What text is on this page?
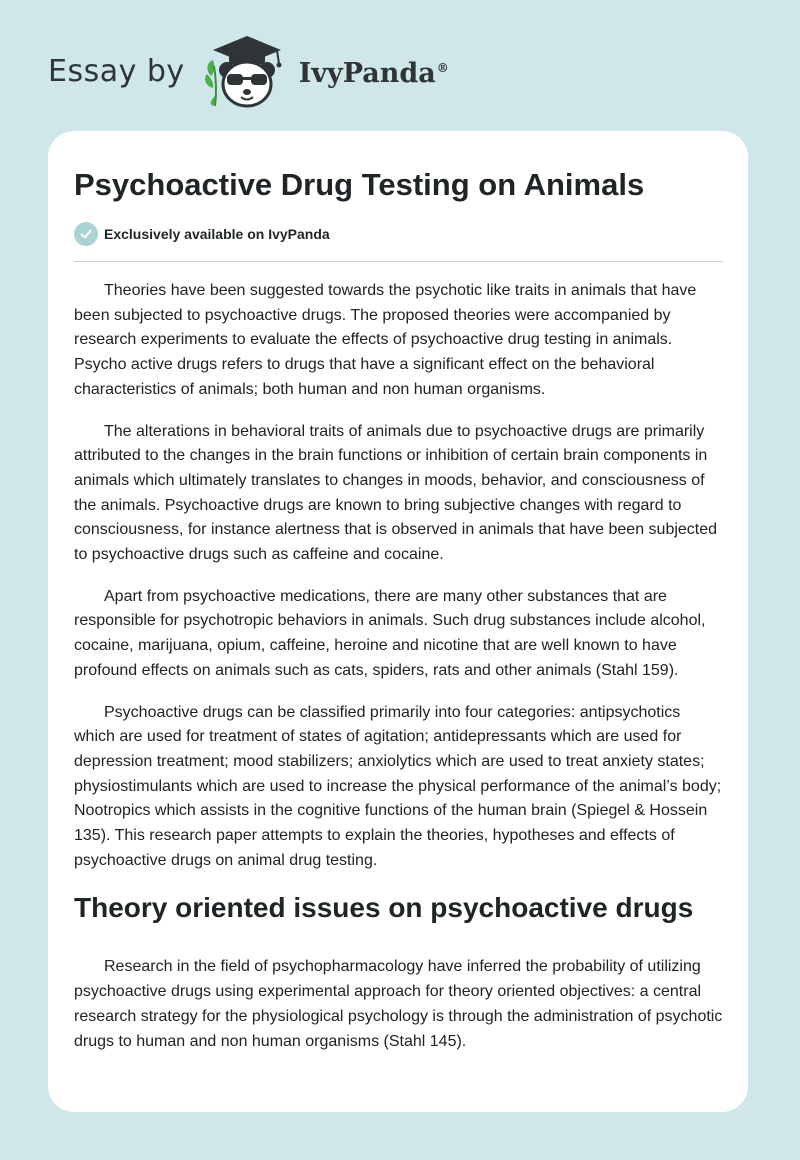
Essay by	IvyPanda®
Psychoactive Drug Testing on Animals
Exclusively available on IvyPanda

Theories have been suggested towards the psychotic like traits in animals that have been subjected to psychoactive drugs. The proposed theories were accompanied by research experiments to evaluate the effects of psychoactive drug testing in animals. Psycho active drugs refers to drugs that have a significant effect on the behavioral characteristics of animals; both human and non human organisms.

The alterations in behavioral traits of animals due to psychoactive drugs are primarily attributed to the changes in the brain functions or inhibition of certain brain components in animals which ultimately translates to changes in moods, behavior, and consciousness of the animals. Psychoactive drugs are known to bring subjective changes with regard to consciousness, for instance alertness that is observed in animals that have been subjected to psychoactive drugs such as caffeine and cocaine.

Apart from psychoactive medications, there are many other substances that are responsible for psychotropic behaviors in animals. Such drug substances include alcohol, cocaine, marijuana, opium, caffeine, heroine and nicotine that are well known to have profound effects on animals such as cats, spiders, rats and other animals (Stahl 159).

Psychoactive drugs can be classified primarily into four categories: antipsychotics which are used for treatment of states of agitation; antidepressants which are used for depression treatment; mood stabilizers; anxiolytics which are used to treat anxiety states; physiostimulants which are used to increase the physical performance of the animal’s body; Nootropics which assists in the cognitive functions of the human brain (Spiegel & Hossein 135). This research paper attempts to explain the theories, hypotheses and effects of psychoactive drugs on animal drug testing.

Theory oriented issues on psychoactive drugs

Research in the field of psychopharmacology have inferred the probability of utilizing psychoactive drugs using experimental approach for theory oriented objectives: a central research strategy for the physiological psychology is through the administration of psychotic drugs to human and non human organisms (Stahl 145).
